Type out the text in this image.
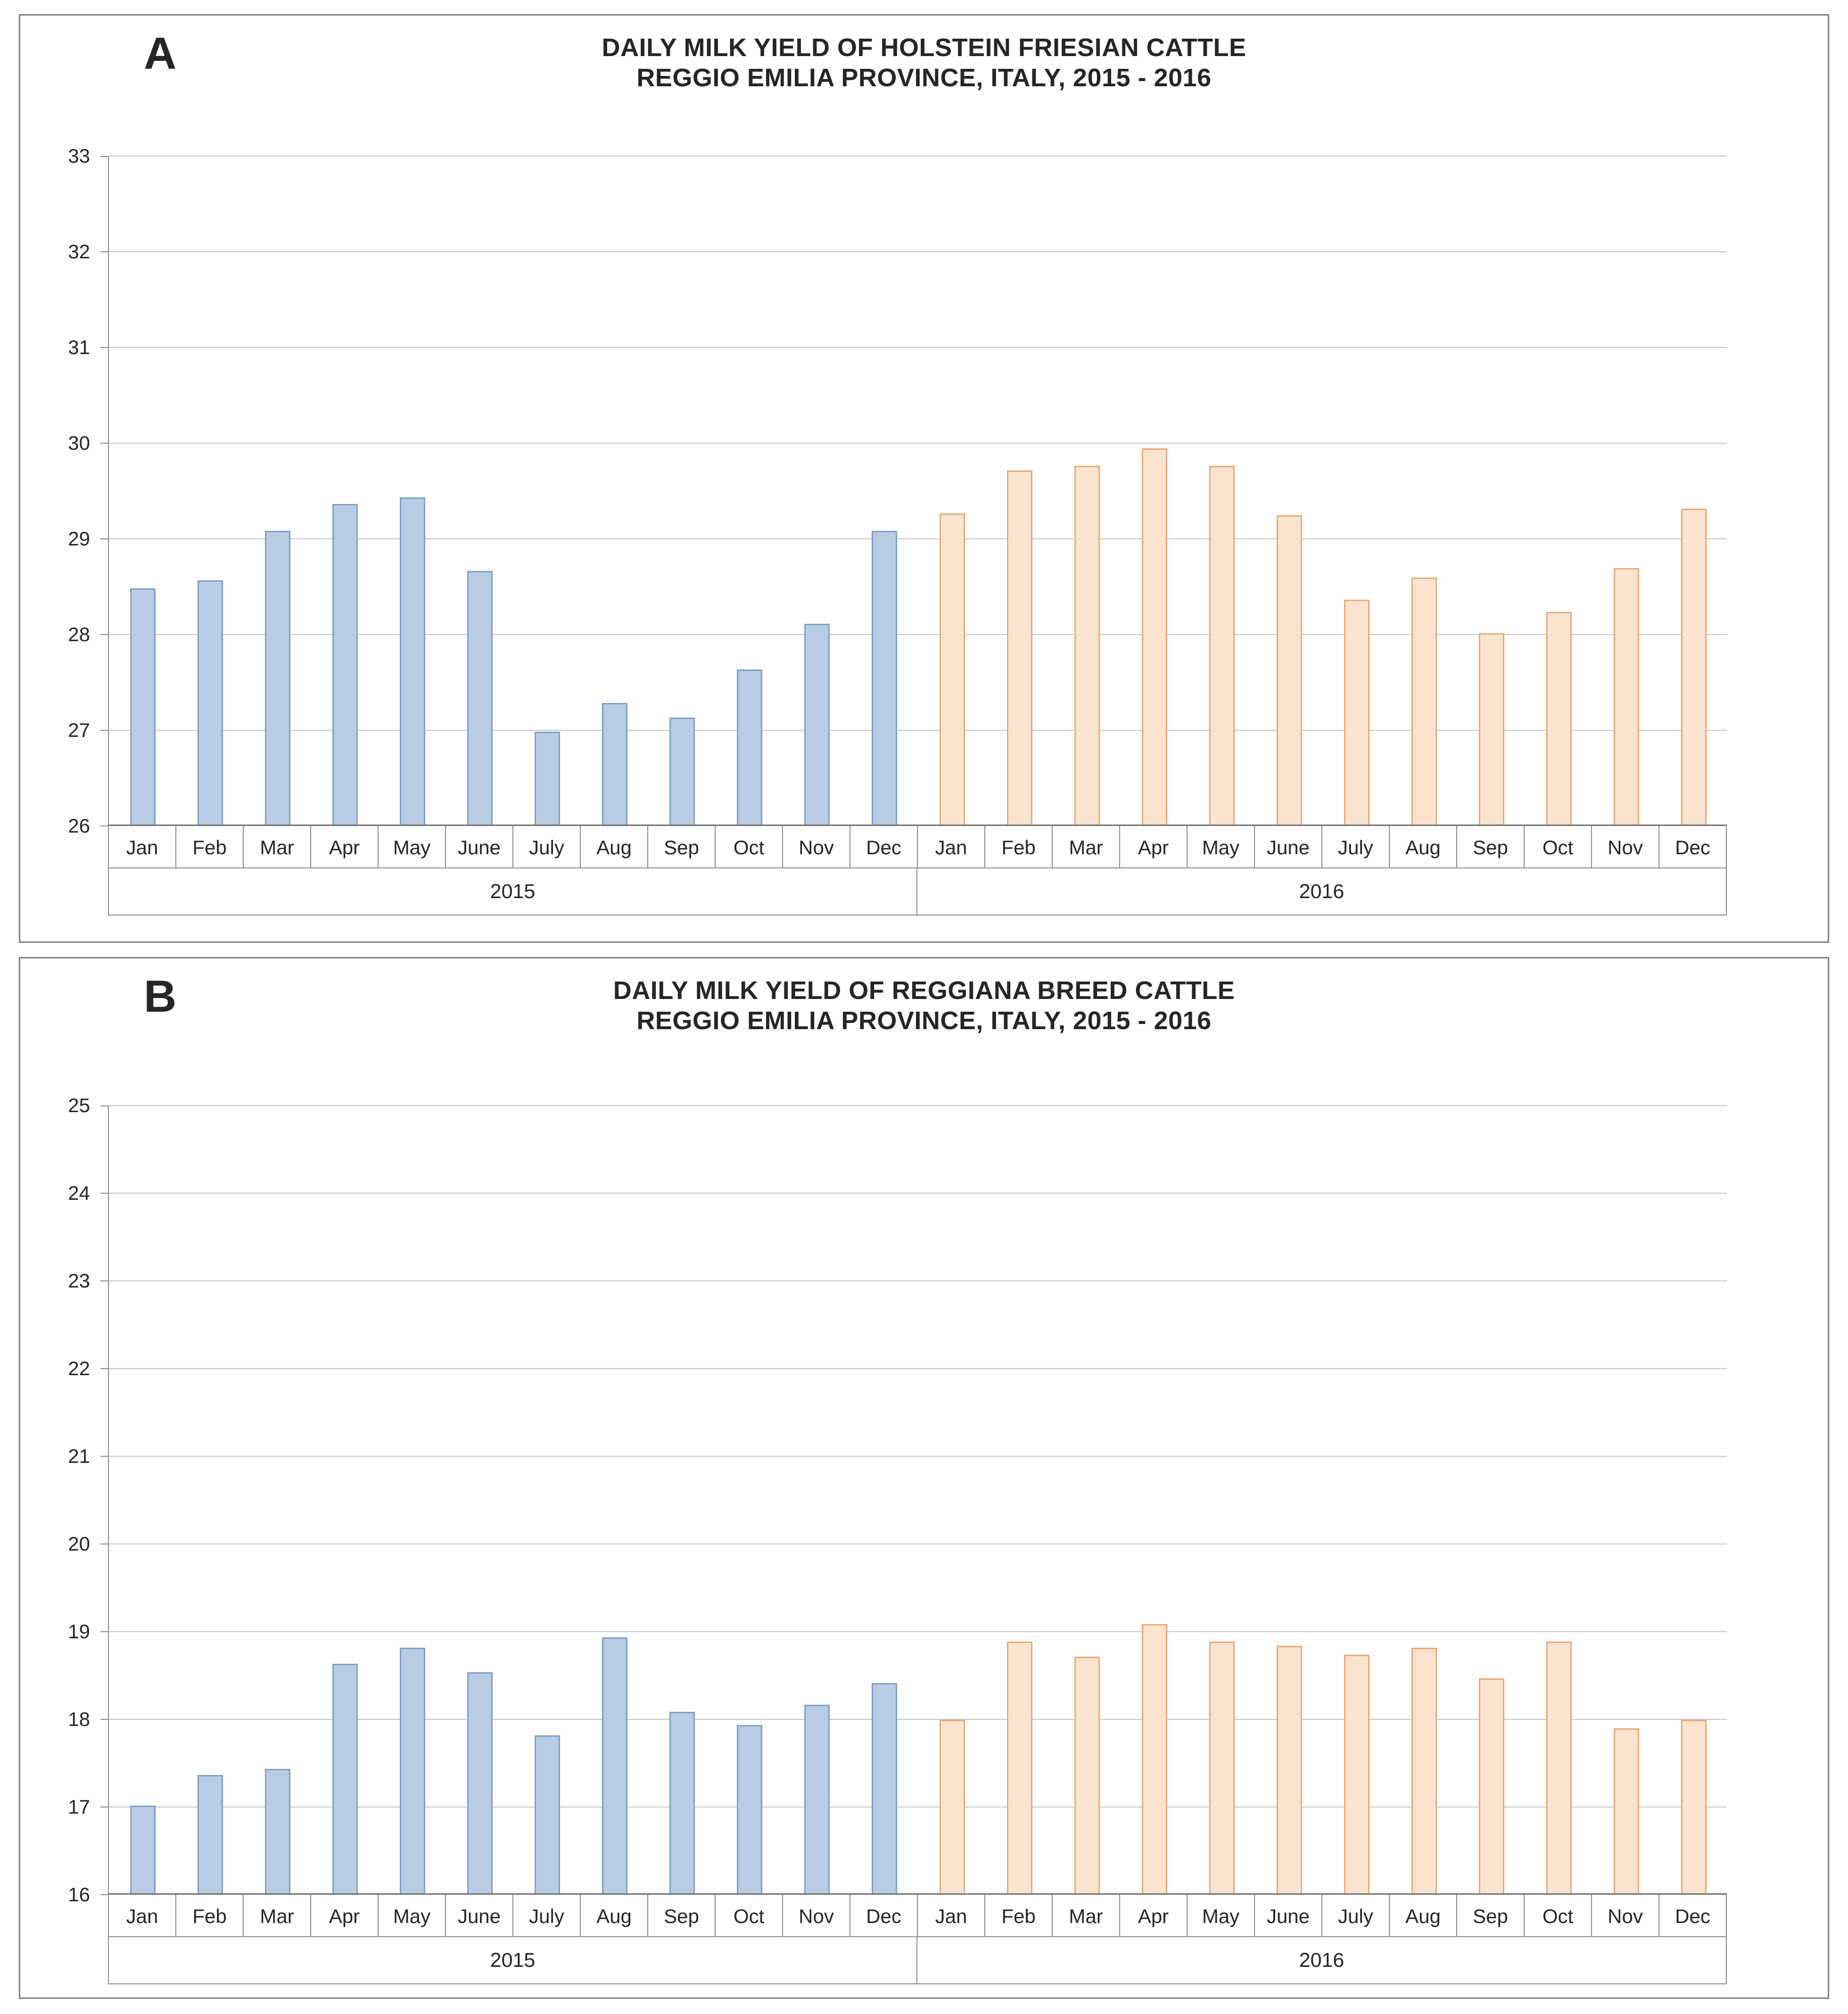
A	DAILY MILK YIELD OF HOLSTEIN FRIESIAN CATTLE
REGGIO EMILIA PROVINCE, ITALY, 2015 - 2016
26
27
28
29
30
31
32
33
Jan	Feb	Mar	Apr	May	June	July	Aug	Sep	Oct	Nov	Dec	Jan	Feb	Mar	Apr	May	June	July	Aug	Sep	Oct	Nov	Dec
2015	2016
B	DAILY MILK YIELD OF REGGIANA BREED CATTLE
REGGIO EMILIA PROVINCE, ITALY, 2015 - 2016
16
17
18
19
20
21
22
23
24
25
Jan	Feb	Mar	Apr	May	June	July	Aug	Sep	Oct	Nov	Dec	Jan	Feb	Mar	Apr	May	June	July	Aug	Sep	Oct	Nov	Dec
2015	2016
